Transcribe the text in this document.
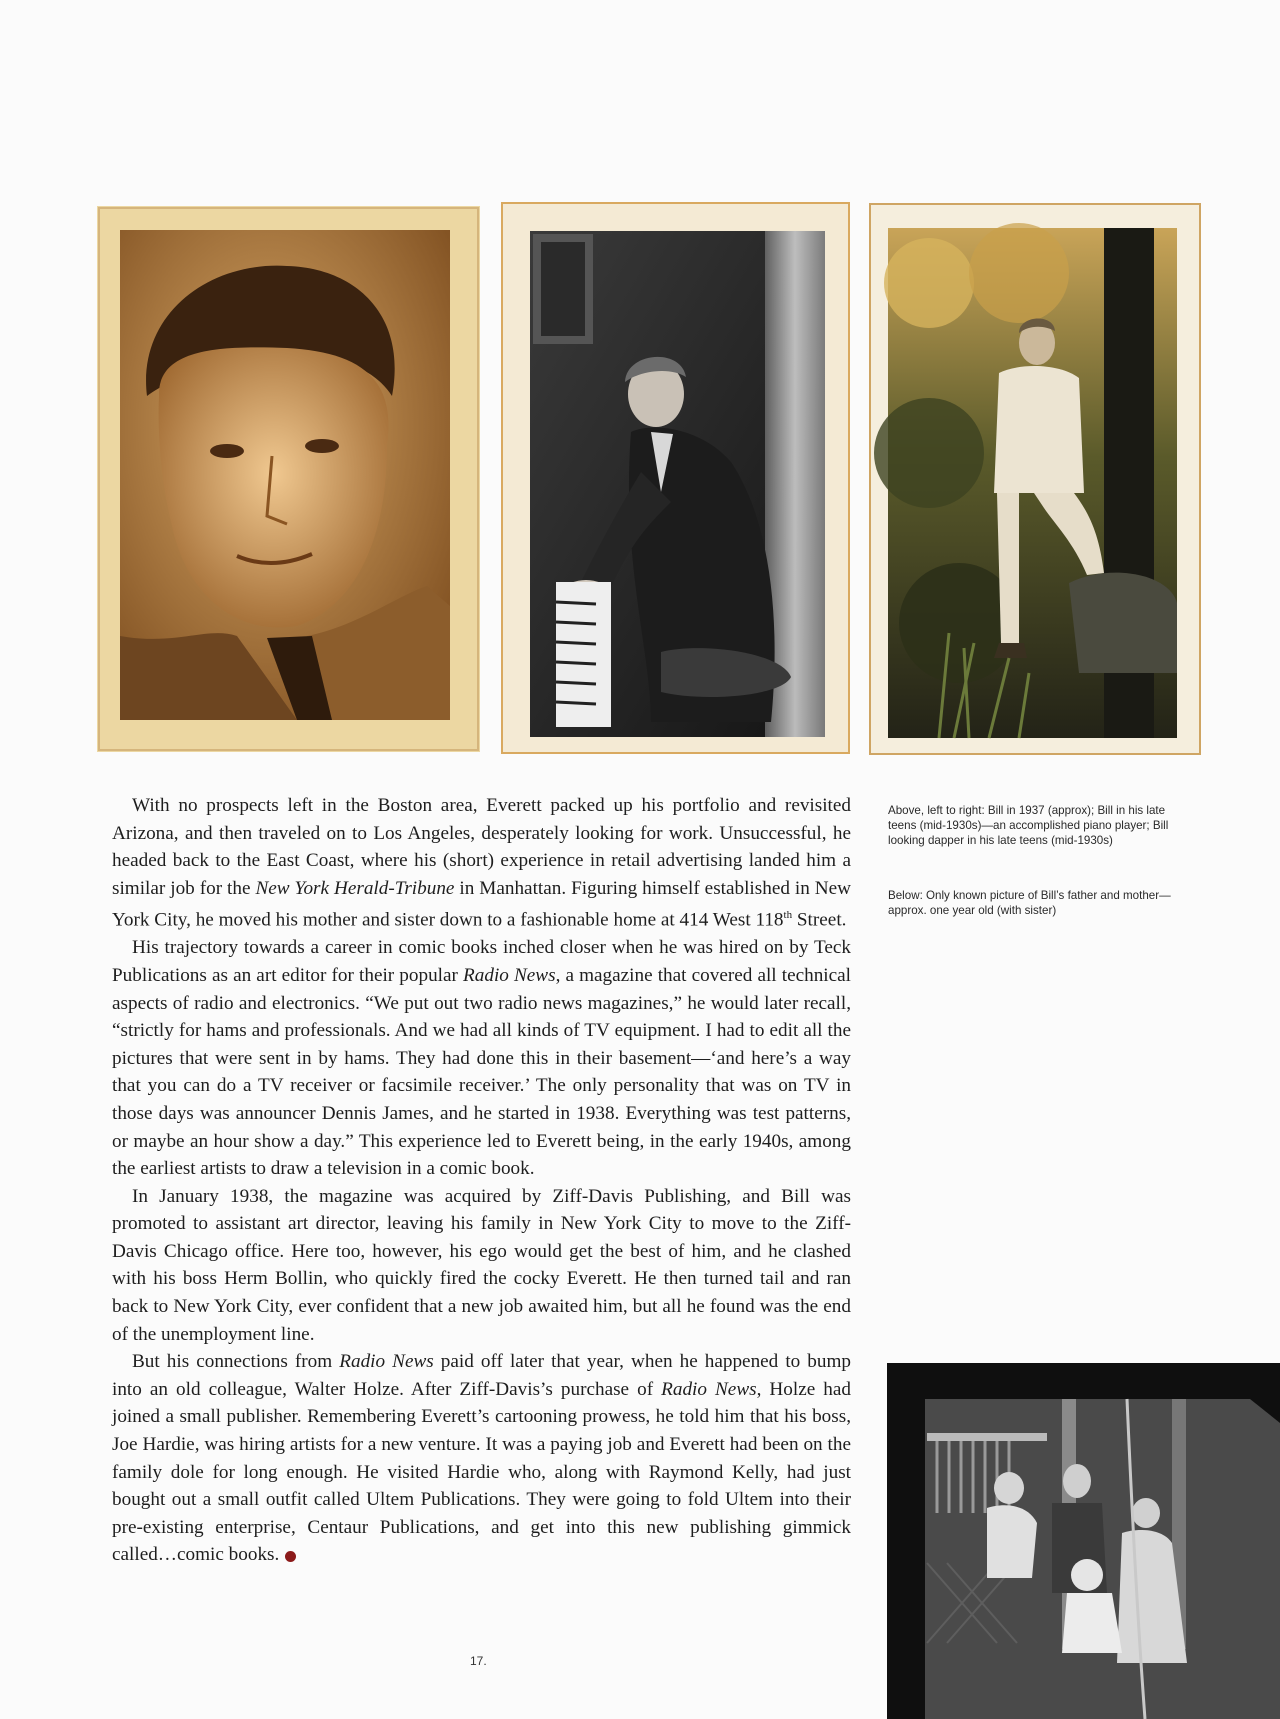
With no prospects left in the Boston area, Everett packed up his portfolio and revisited Arizona, and then traveled on to Los Angeles, desperately looking for work. Unsuccessful, he headed back to the East Coast, where his (short) experience in retail advertising landed him a similar job for the New York Herald-Tribune in Manhattan. Figuring himself established in New York City, he moved his mother and sister down to a fashionable home at 414 West 118th Street.

His trajectory towards a career in comic books inched closer when he was hired on by Teck Publications as an art editor for their popular Radio News, a magazine that covered all technical aspects of radio and electronics. “We put out two radio news magazines,” he would later recall, “strictly for hams and professionals. And we had all kinds of TV equipment. I had to edit all the pictures that were sent in by hams. They had done this in their basement—‘and here’s a way that you can do a TV receiver or facsimile receiver.’ The only personality that was on TV in those days was announcer Dennis James, and he started in 1938. Everything was test patterns, or maybe an hour show a day.” This experience led to Everett being, in the early 1940s, among the earliest artists to draw a television in a comic book.

In January 1938, the magazine was acquired by Ziff-Davis Publishing, and Bill was promoted to assistant art director, leaving his family in New York City to move to the Ziff-Davis Chicago office. Here too, however, his ego would get the best of him, and he clashed with his boss Herm Bollin, who quickly fired the cocky Everett. He then turned tail and ran back to New York City, ever confident that a new job awaited him, but all he found was the end of the unemployment line.

But his connections from Radio News paid off later that year, when he happened to bump into an old colleague, Walter Holze. After Ziff-Davis’s purchase of Radio News, Holze had joined a small publisher. Remembering Everett’s cartooning prowess, he told him that his boss, Joe Hardie, was hiring artists for a new venture. It was a paying job and Everett had been on the family dole for long enough. He visited Hardie who, along with Raymond Kelly, had just bought out a small outfit called Ultem Publications. They were going to fold Ultem into their pre-existing enterprise, Centaur Publications, and get into this new publishing gimmick called…comic books.

Above, left to right: Bill in 1937 (approx); Bill in his late teens (mid-1930s)—an accomplished piano player; Bill looking dapper in his late teens (mid-1930s)
Below: Only known picture of Bill’s father and mother—approx. one year old (with sister)
17.
